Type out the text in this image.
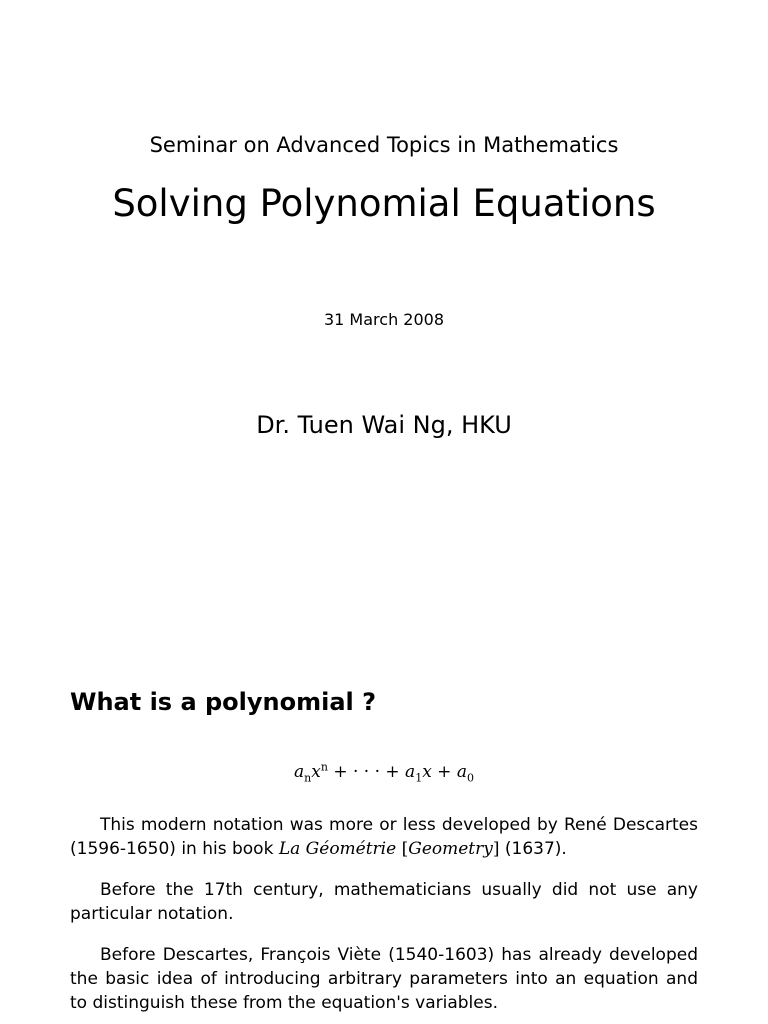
Seminar on Advanced Topics in Mathematics
Solving Polynomial Equations
31 March 2008
Dr. Tuen Wai Ng, HKU
What is a polynomial ?
$a_nx^n$ + · · · + $a_1x + a_0$
This modern notation was more or less developed by René Descartes (1596-1650) in his book La Géométrie [Geometry] (1637).
Before the 17th century, mathematicians usually did not use any particular notation.
Before Descartes, François Viète (1540-1603) has already developed the basic idea of introducing arbitrary parameters into an equation and to distinguish these from the equation's variables.
